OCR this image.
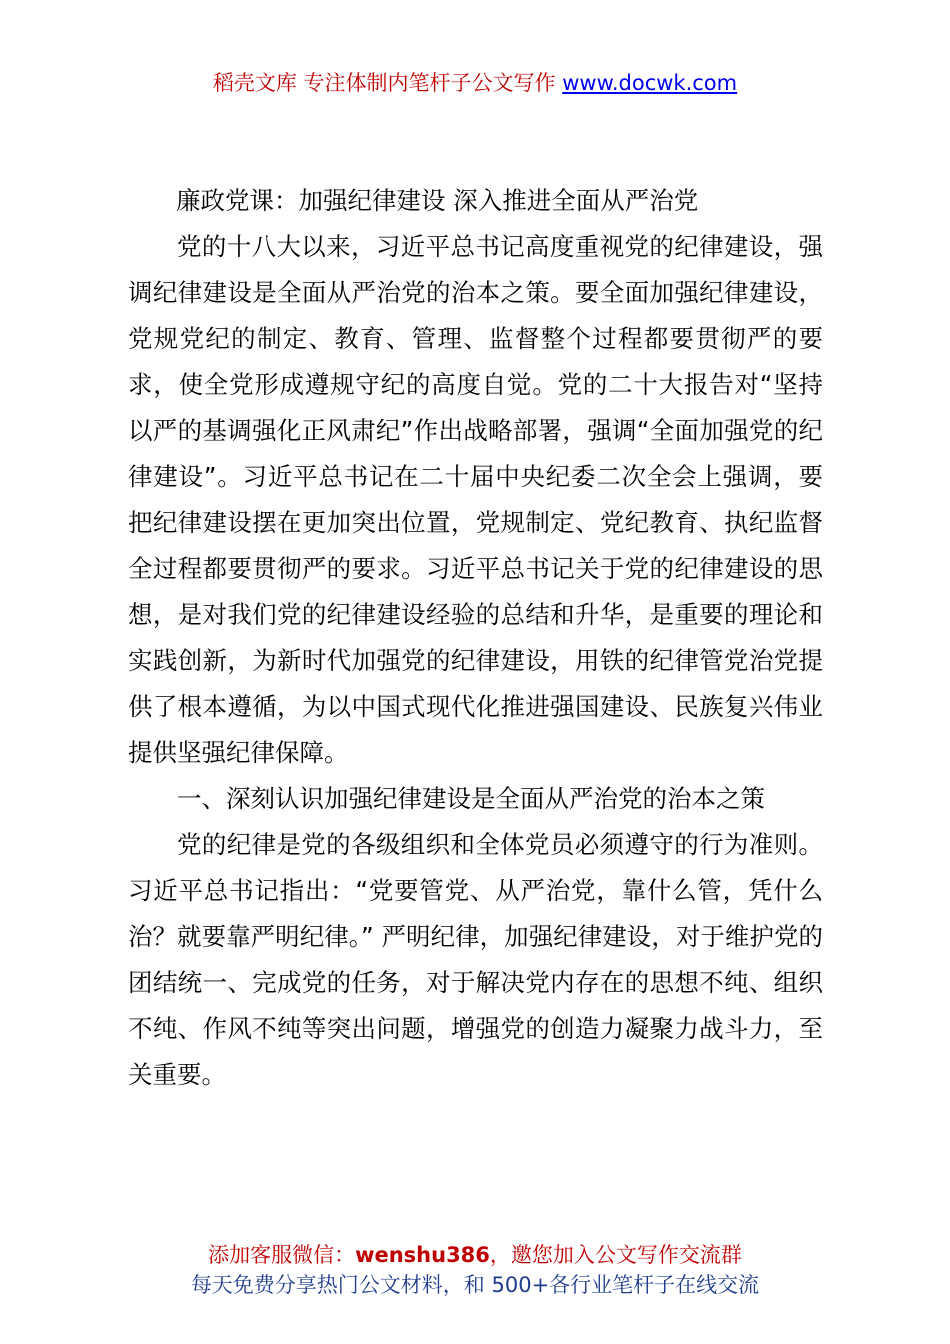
稻壳文库 专注体制内笔杆子公文写作 www.docwk.com

廉政党课：加强纪律建设 深入推进全面从严治党

党的十八大以来，习近平总书记高度重视党的纪律建设，强调纪律建设是全面从严治党的治本之策。要全面加强纪律建设，党规党纪的制定、教育、管理、监督整个过程都要贯彻严的要求，使全党形成遵规守纪的高度自觉。党的二十大报告对“坚持以严的基调强化正风肃纪”作出战略部署，强调“全面加强党的纪律建设”。习近平总书记在二十届中央纪委二次全会上强调，要把纪律建设摆在更加突出位置，党规制定、党纪教育、执纪监督全过程都要贯彻严的要求。习近平总书记关于党的纪律建设的思想，是对我们党的纪律建设经验的总结和升华，是重要的理论和实践创新，为新时代加强党的纪律建设，用铁的纪律管党治党提供了根本遵循，为以中国式现代化推进强国建设、民族复兴伟业提供坚强纪律保障。

一、深刻认识加强纪律建设是全面从严治党的治本之策

党的纪律是党的各级组织和全体党员必须遵守的行为准则。习近平总书记指出：“党要管党、从严治党，靠什么管，凭什么治？就要靠严明纪律。” 严明纪律，加强纪律建设，对于维护党的团结统一、完成党的任务，对于解决党内存在的思想不纯、组织不纯、作风不纯等突出问题，增强党的创造力凝聚力战斗力，至关重要。

添加客服微信：wenshu386，邀您加入公文写作交流群
每天免费分享热门公文材料，和 500+各行业笔杆子在线交流
